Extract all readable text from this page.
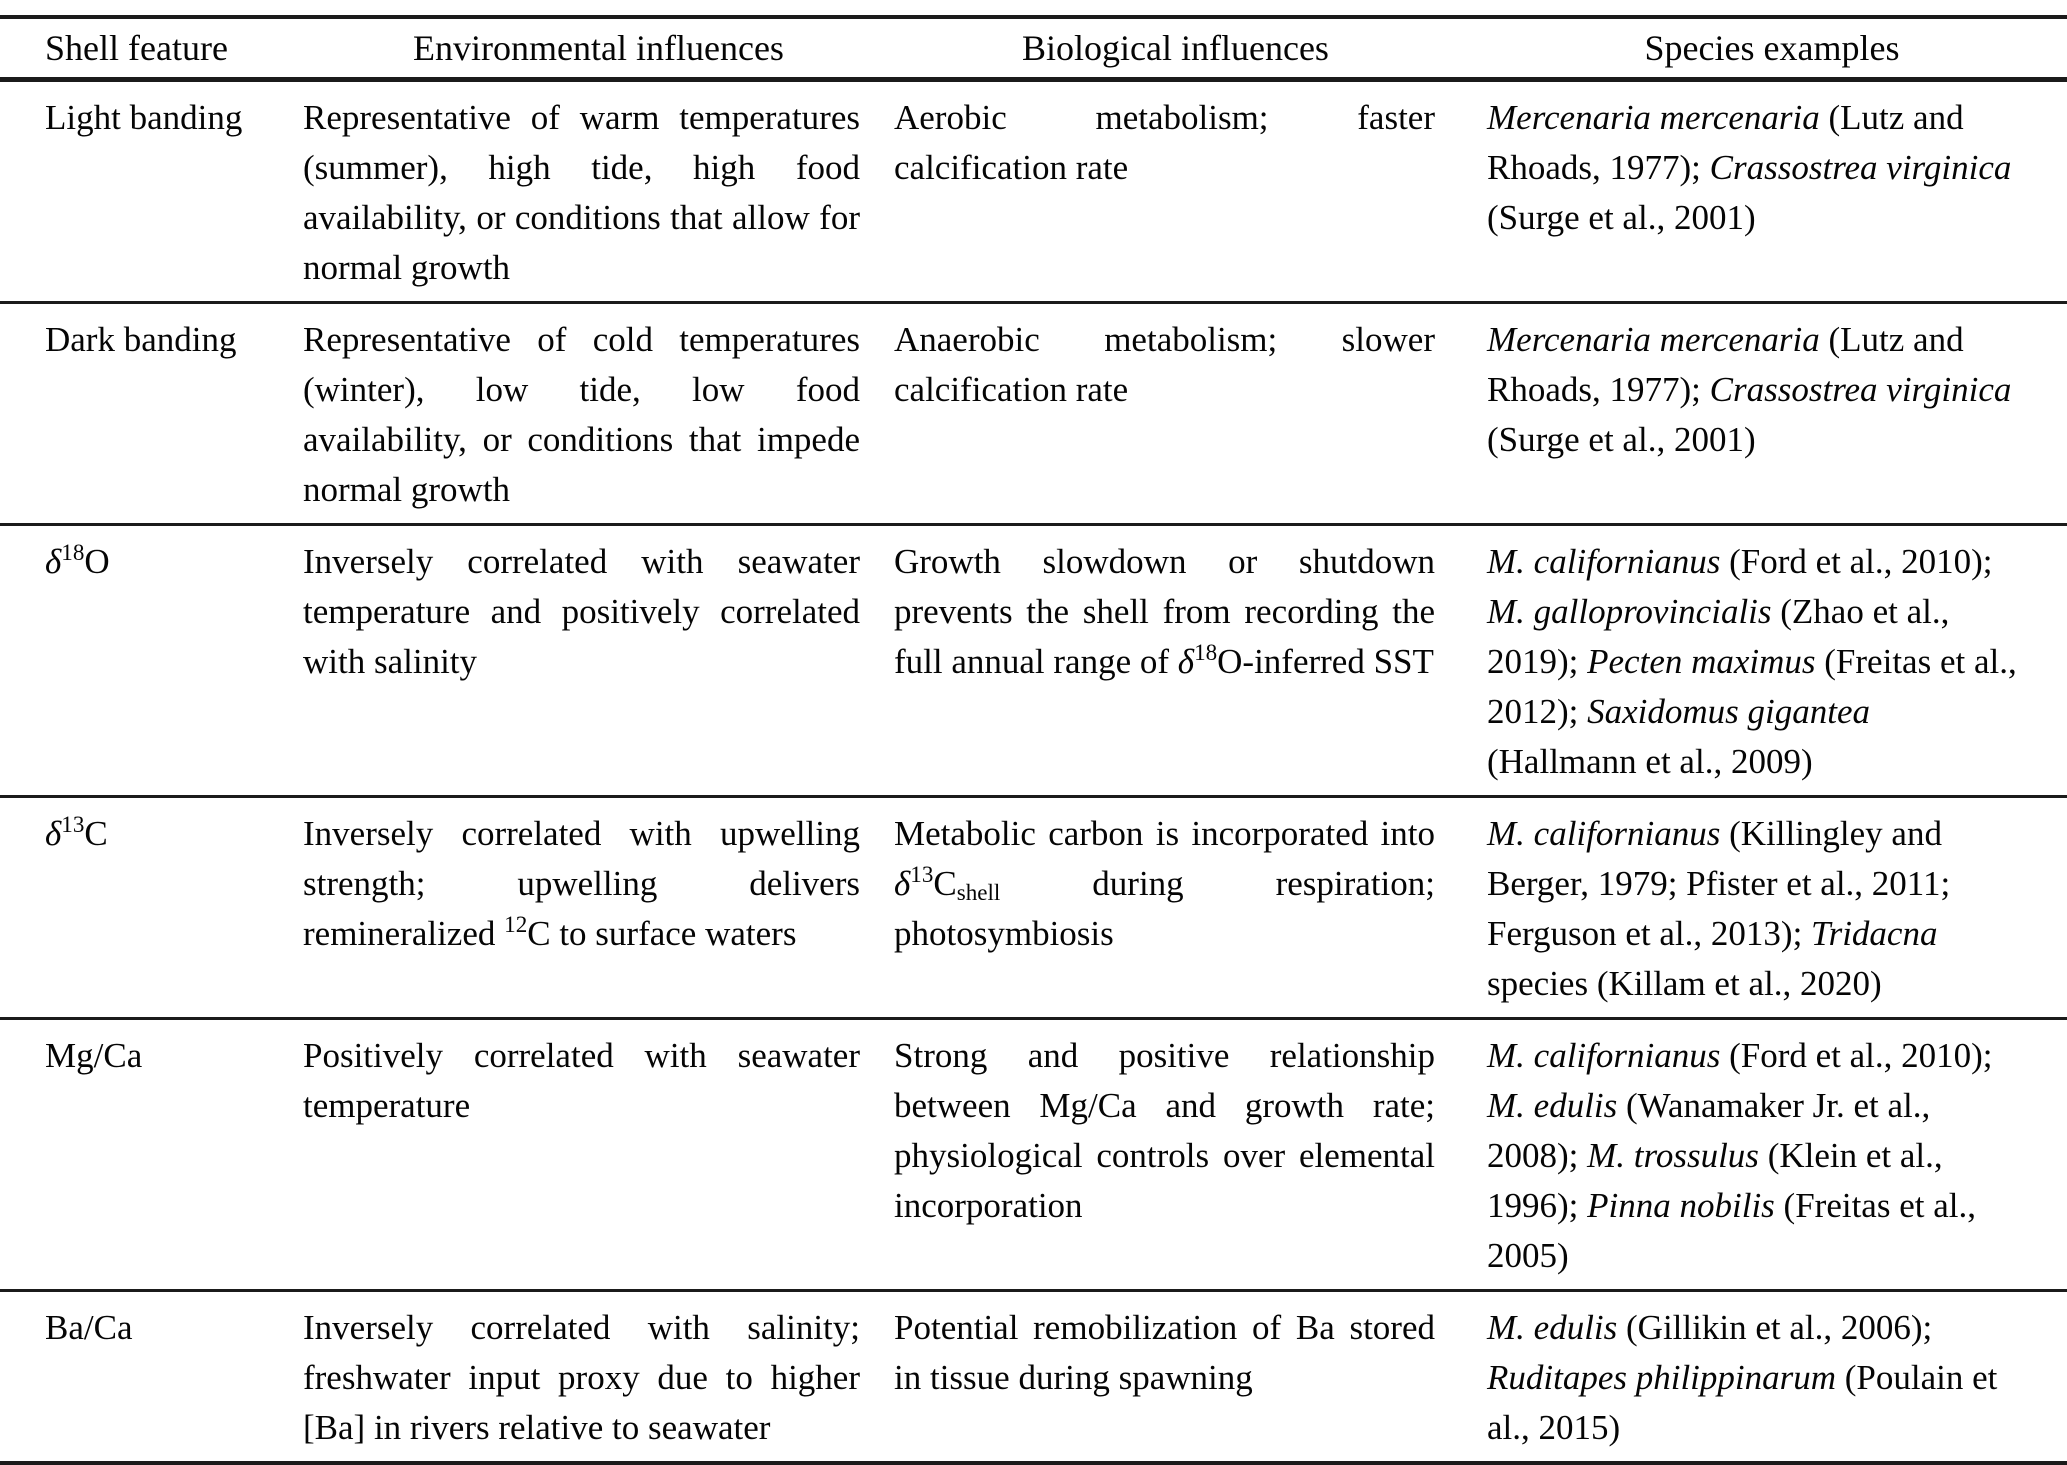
Shell feature	Environmental influences	Biological influences	Species examples
Light banding	Representative of warm temperatures (summer), high tide, high food availability, or conditions that allow for normal growth	Aerobic metabolism; faster calcification rate	Mercenaria mercenaria (Lutz and Rhoads, 1977); Crassostrea virginica (Surge et al., 2001)
Dark banding	Representative of cold temperatures (winter), low tide, low food availability, or conditions that impede normal growth	Anaerobic metabolism; slower calcification rate	Mercenaria mercenaria (Lutz and Rhoads, 1977); Crassostrea virginica (Surge et al., 2001)
$\delta^{18}O$	Inversely correlated with seawater temperature and positively correlated with salinity	Growth slowdown or shutdown prevents the shell from recording the full annual range of $\delta^{18}O$-inferred SST	M. californianus (Ford et al., 2010); M. galloprovincialis (Zhao et al., 2019); Pecten maximus (Freitas et al., 2012); Saxidomus gigantea (Hallmann et al., 2009)
$\delta^{13}C$	Inversely correlated with upwelling strength; upwelling delivers remineralized $^{12}$C to surface waters	Metabolic carbon is incorporated into $\delta^{13}C_{shell}$ during respiration; photosymbiosis	M. californianus (Killingley and Berger, 1979; Pfister et al., 2011; Ferguson et al., 2013); Tridacna species (Killam et al., 2020)
Mg/Ca	Positively correlated with seawater temperature	Strong and positive relationship between Mg/Ca and growth rate; physiological controls over elemental incorporation	M. californianus (Ford et al., 2010); M. edulis (Wanamaker Jr. et al., 2008); M. trossulus (Klein et al., 1996); Pinna nobilis (Freitas et al., 2005)
Ba/Ca	Inversely correlated with salinity; freshwater input proxy due to higher [Ba] in rivers relative to seawater	Potential remobilization of Ba stored in tissue during spawning	M. edulis (Gillikin et al., 2006); Ruditapes philippinarum (Poulain et al., 2015)
